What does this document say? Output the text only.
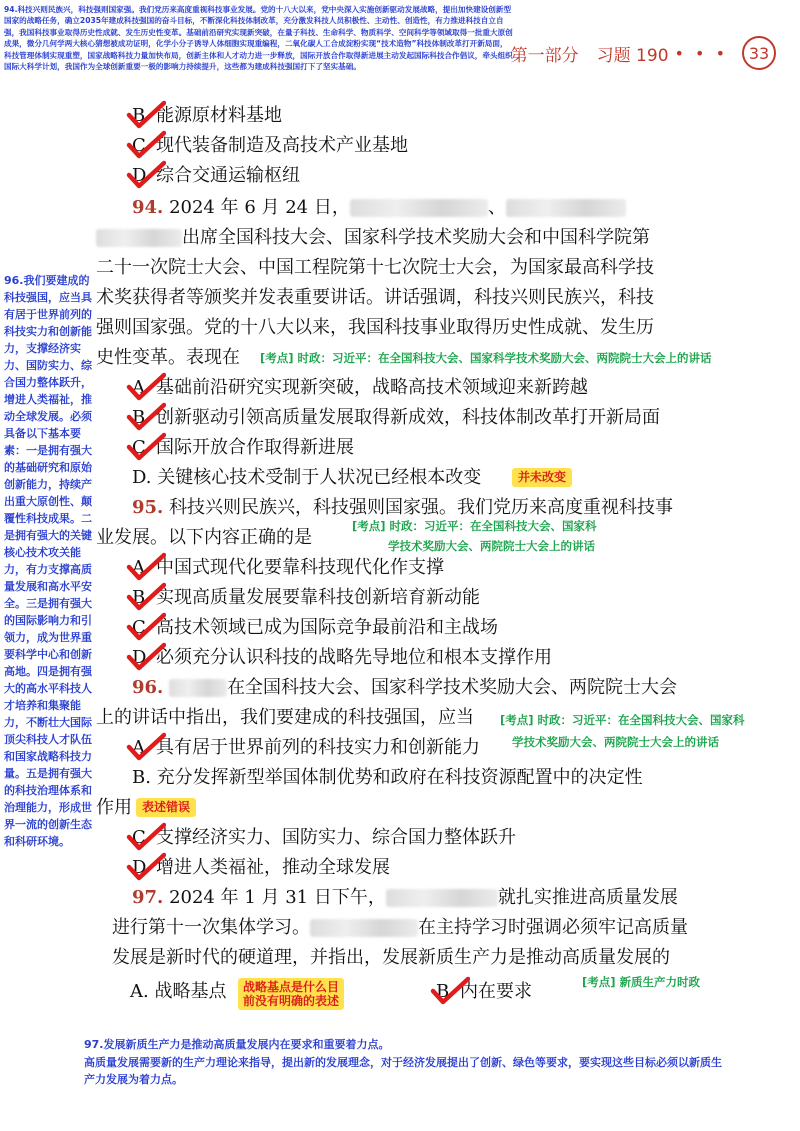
94.科技兴则民族兴，科技强则国家强。我们党历来高度重视科技事业发展。党的十八大以来，党中央深入实施创新驱动发展战略，提出加快建设创新型国家的战略任务，确立2035年建成科技强国的奋斗目标，不断深化科技体制改革，充分激发科技人员积极性、主动性、创造性，有力推进科技自立自强，我国科技事业取得历史性成就、发生历史性变革。基础前沿研究实现新突破，在量子科技、生命科学、物质科学、空间科学等领域取得一批重大原创成果，微分几何学两大核心猜想被成功证明，化学小分子诱导人体细胞实现重编程，二氧化碳人工合成淀粉实现“技术造物”科技体制改革打开新局面，科技管理体制实现重塑，国家战略科技力量加快布局，创新主体和人才动力进一步释放，国际开放合作取得新进展主动发起国际科技合作倡议，牵头组织国际大科学计划，我国作为全球创新重要一极的影响力持续提升，这些都为建成科技强国打下了坚实基础。
第一部分 习题 190 • • •	33
B 能源原材料基地
C 现代装备制造及高技术产业基地
D 综合交通运输枢纽
94. 2024 年 6 月 24 日，	、
出席全国科技大会、国家科学技术奖励大会和中国科学院第
二十一次院士大会、中国工程院第十七次院士大会，为国家最高科学技
术奖获得者等颁奖并发表重要讲话。讲话强调，科技兴则民族兴，科技
强则国家强。党的十八大以来，我国科技事业取得历史性成就、发生历
史性变革。表现在 [考点] 时政：习近平：在全国科技大会、国家科学技术奖励大会、两院院士大会上的讲话
A 基础前沿研究实现新突破，战略高技术领域迎来新跨越
B 创新驱动引领高质量发展取得新成效，科技体制改革打开新局面
C 国际开放合作取得新进展
D. 关键核心技术受制于人状况已经根本改变	并未改变
95. 科技兴则民族兴，科技强则国家强。我们党历来高度重视科技事
业发展。以下内容正确的是
[考点] 时政：习近平：在全国科技大会、国家科
学技术奖励大会、两院院士大会上的讲话
A 中国式现代化要靠科技现代化作支撑
B 实现高质量发展要靠科技创新培育新动能
C 高技术领域已成为国际竞争最前沿和主战场
D 必须充分认识科技的战略先导地位和根本支撑作用
96.	在全国科技大会、国家科学技术奖励大会、两院院士大会
上的讲话中指出，我们要建成的科技强国，应当 [考点] 时政：习近平：在全国科技大会、国家科
学技术奖励大会、两院院士大会上的讲话
A 具有居于世界前列的科技实力和创新能力
B. 充分发挥新型举国体制优势和政府在科技资源配置中的决定性
作用 表述错误
C 支撑经济实力、国防实力、综合国力整体跃升
D 增进人类福祉，推动全球发展
97. 2024 年 1 月 31 日下午，	就扎实推进高质量发展
进行第十一次集体学习。	在主持学习时强调必须牢记高质量
发展是新时代的硬道理，并指出，发展新质生产力是推动高质量发展的
A. 战略基点 战略基点是什么目
前没有明确的表述	B 内在要求	[考点] 新质生产力时政
96.我们要建成的科技强国，应当具有居于世界前列的科技实力和创新能力，支撑经济实力、国防实力、综合国力整体跃升，增进人类福祉，推动全球发展。必须具备以下基本要素：一是拥有强大的基础研究和原始创新能力，持续产出重大原创性、颠覆性科技成果。二是拥有强大的关键核心技术攻关能力，有力支撑高质量发展和高水平安全。三是拥有强大的国际影响力和引领力，成为世界重要科学中心和创新高地。四是拥有强大的高水平科技人才培养和集聚能力，不断壮大国际顶尖科技人才队伍和国家战略科技力量。五是拥有强大的科技治理体系和治理能力，形成世界一流的创新生态和科研环境。
97.发展新质生产力是推动高质量发展内在要求和重要着力点。
高质量发展需要新的生产力理论来指导，提出新的发展理念，对于经济发展提出了创新、绿色等要求，要实现这些目标必须以新质生产力发展为着力点。
